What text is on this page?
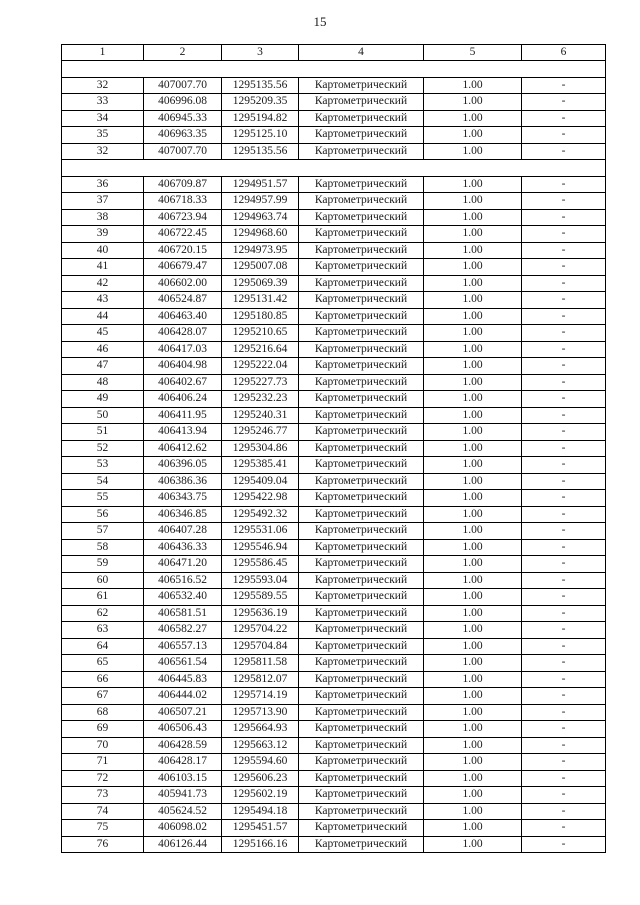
15
1	2	3	4	5	6

32	407007.70	1295135.56	Картометрический	1.00	-
33	406996.08	1295209.35	Картометрический	1.00	-
34	406945.33	1295194.82	Картометрический	1.00	-
35	406963.35	1295125.10	Картометрический	1.00	-
32	407007.70	1295135.56	Картометрический	1.00	-

36	406709.87	1294951.57	Картометрический	1.00	-
37	406718.33	1294957.99	Картометрический	1.00	-
38	406723.94	1294963.74	Картометрический	1.00	-
39	406722.45	1294968.60	Картометрический	1.00	-
40	406720.15	1294973.95	Картометрический	1.00	-
41	406679.47	1295007.08	Картометрический	1.00	-
42	406602.00	1295069.39	Картометрический	1.00	-
43	406524.87	1295131.42	Картометрический	1.00	-
44	406463.40	1295180.85	Картометрический	1.00	-
45	406428.07	1295210.65	Картометрический	1.00	-
46	406417.03	1295216.64	Картометрический	1.00	-
47	406404.98	1295222.04	Картометрический	1.00	-
48	406402.67	1295227.73	Картометрический	1.00	-
49	406406.24	1295232.23	Картометрический	1.00	-
50	406411.95	1295240.31	Картометрический	1.00	-
51	406413.94	1295246.77	Картометрический	1.00	-
52	406412.62	1295304.86	Картометрический	1.00	-
53	406396.05	1295385.41	Картометрический	1.00	-
54	406386.36	1295409.04	Картометрический	1.00	-
55	406343.75	1295422.98	Картометрический	1.00	-
56	406346.85	1295492.32	Картометрический	1.00	-
57	406407.28	1295531.06	Картометрический	1.00	-
58	406436.33	1295546.94	Картометрический	1.00	-
59	406471.20	1295586.45	Картометрический	1.00	-
60	406516.52	1295593.04	Картометрический	1.00	-
61	406532.40	1295589.55	Картометрический	1.00	-
62	406581.51	1295636.19	Картометрический	1.00	-
63	406582.27	1295704.22	Картометрический	1.00	-
64	406557.13	1295704.84	Картометрический	1.00	-
65	406561.54	1295811.58	Картометрический	1.00	-
66	406445.83	1295812.07	Картометрический	1.00	-
67	406444.02	1295714.19	Картометрический	1.00	-
68	406507.21	1295713.90	Картометрический	1.00	-
69	406506.43	1295664.93	Картометрический	1.00	-
70	406428.59	1295663.12	Картометрический	1.00	-
71	406428.17	1295594.60	Картометрический	1.00	-
72	406103.15	1295606.23	Картометрический	1.00	-
73	405941.73	1295602.19	Картометрический	1.00	-
74	405624.52	1295494.18	Картометрический	1.00	-
75	406098.02	1295451.57	Картометрический	1.00	-
76	406126.44	1295166.16	Картометрический	1.00	-
